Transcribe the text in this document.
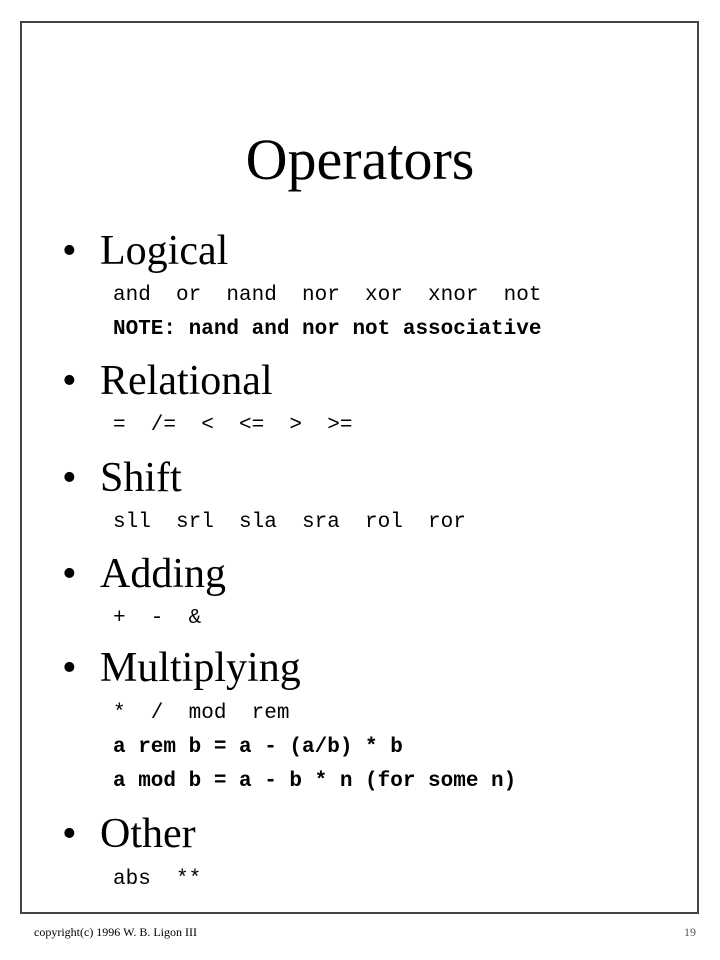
Operators
• Logical
and  or  nand  nor  xor  xnor  not
NOTE: nand and nor not associative
• Relational
=  /=  <  <=  >  >=
• Shift
sll  srl  sla  sra  rol  ror
• Adding
+  -  &
• Multiplying
*  /  mod  rem
a rem b = a - (a/b) * b
a mod b = a - b * n (for some n)
• Other
abs  **
copyright(c) 1996 W. B. Ligon III	19
